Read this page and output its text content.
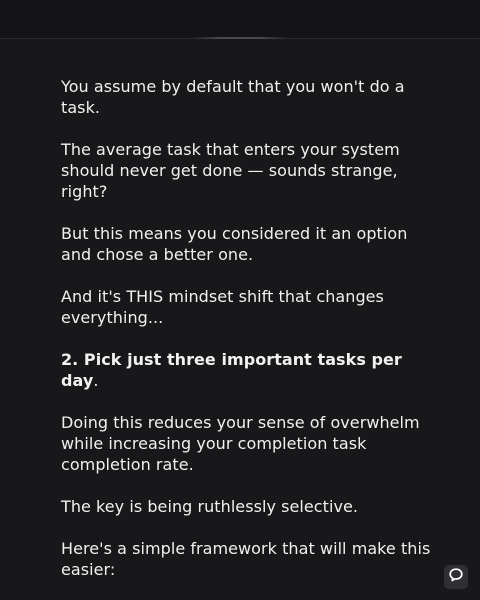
You assume by default that you won't do a task.

The average task that enters your system should never get done — sounds strange, right?

But this means you considered it an option and chose a better one.

And it's THIS mindset shift that changes everything...

2. Pick just three important tasks per day.

Doing this reduces your sense of overwhelm while increasing your completion task completion rate.

The key is being ruthlessly selective.

Here's a simple framework that will make this easier:
